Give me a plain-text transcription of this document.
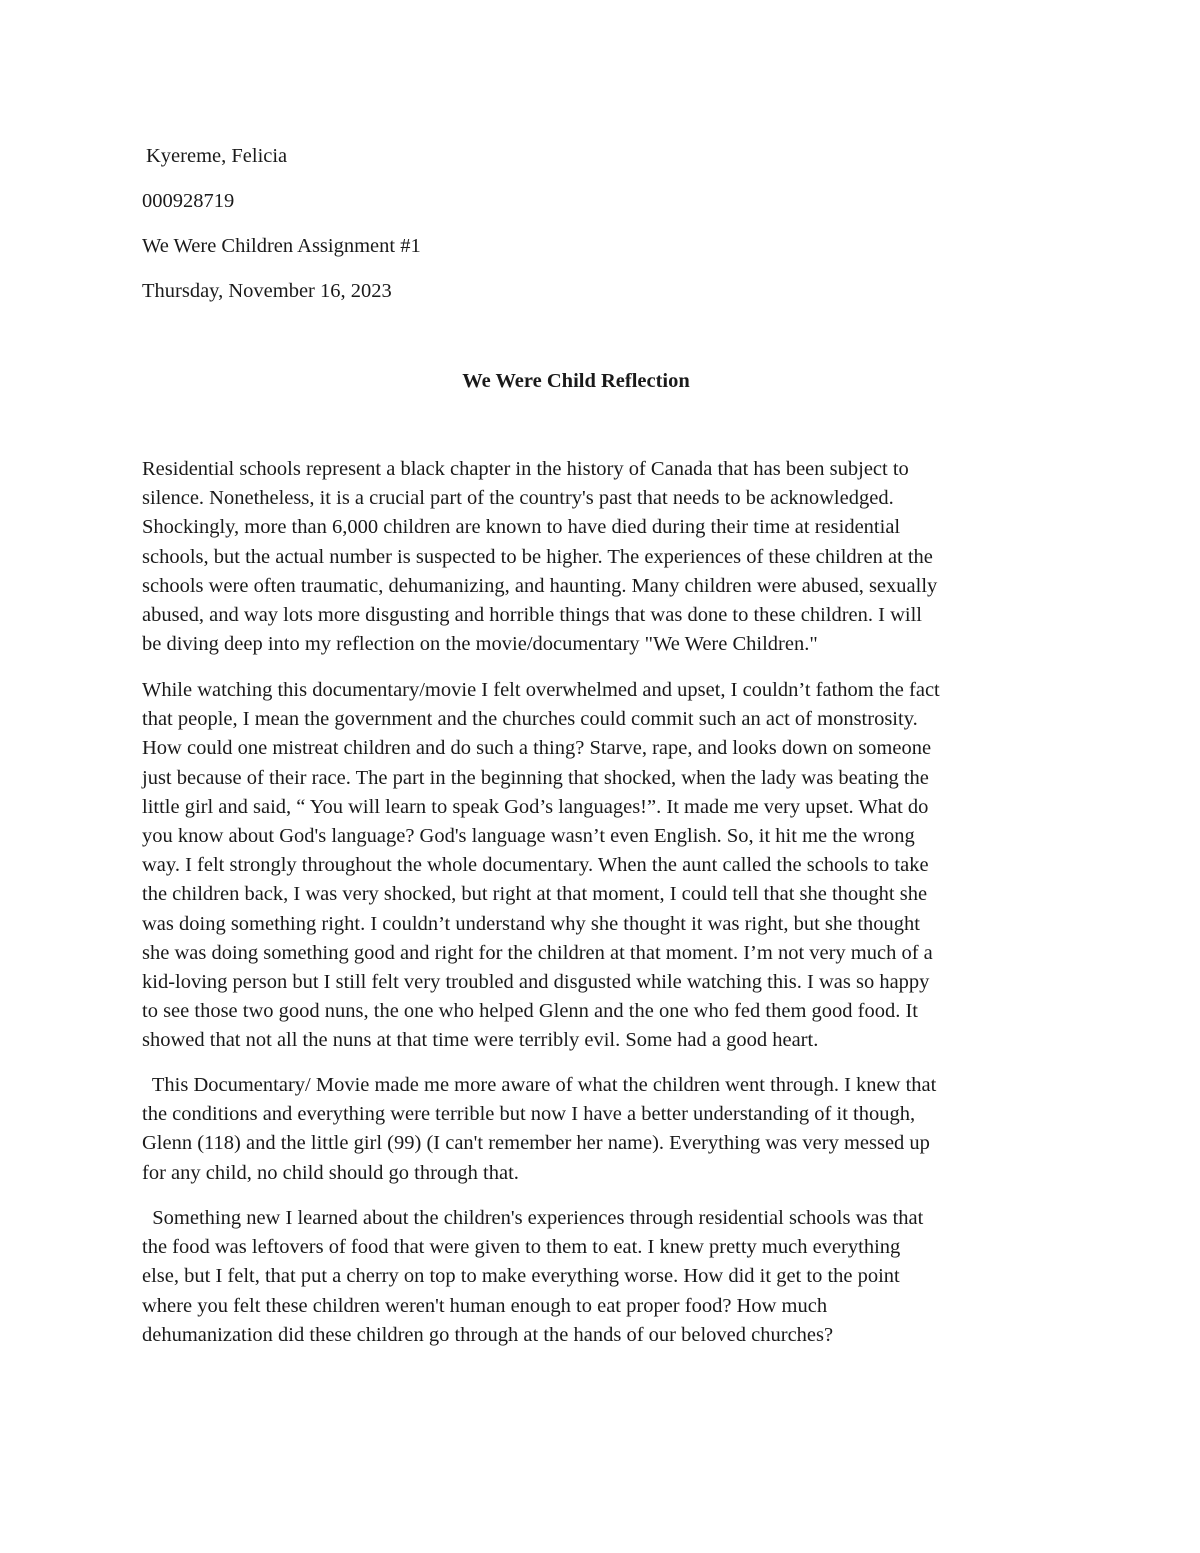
Kyereme, Felicia
000928719
We Were Children Assignment #1
Thursday, November 16, 2023
We Were Child Reflection
Residential schools represent a black chapter in the history of Canada that has been subject to
silence. Nonetheless, it is a crucial part of the country's past that needs to be acknowledged.
Shockingly, more than 6,000 children are known to have died during their time at residential
schools, but the actual number is suspected to be higher. The experiences of these children at the
schools were often traumatic, dehumanizing, and haunting. Many children were abused, sexually
abused, and way lots more disgusting and horrible things that was done to these children. I will
be diving deep into my reflection on the movie/documentary "We Were Children."
While watching this documentary/movie I felt overwhelmed and upset, I couldn’t fathom the fact
that people, I mean the government and the churches could commit such an act of monstrosity.
How could one mistreat children and do such a thing? Starve, rape, and looks down on someone
just because of their race. The part in the beginning that shocked, when the lady was beating the
little girl and said, “ You will learn to speak God’s languages!”. It made me very upset. What do
you know about God's language? God's language wasn’t even English. So, it hit me the wrong
way. I felt strongly throughout the whole documentary. When the aunt called the schools to take
the children back, I was very shocked, but right at that moment, I could tell that she thought she
was doing something right. I couldn’t understand why she thought it was right, but she thought
she was doing something good and right for the children at that moment. I’m not very much of a
kid-loving person but I still felt very troubled and disgusted while watching this. I was so happy
to see those two good nuns, the one who helped Glenn and the one who fed them good food. It
showed that not all the nuns at that time were terribly evil. Some had a good heart.
This Documentary/ Movie made me more aware of what the children went through. I knew that
the conditions and everything were terrible but now I have a better understanding of it though,
Glenn (118) and the little girl (99) (I can't remember her name). Everything was very messed up
for any child, no child should go through that.
Something new I learned about the children's experiences through residential schools was that
the food was leftovers of food that were given to them to eat. I knew pretty much everything
else, but I felt, that put a cherry on top to make everything worse. How did it get to the point
where you felt these children weren't human enough to eat proper food? How much
dehumanization did these children go through at the hands of our beloved churches?
